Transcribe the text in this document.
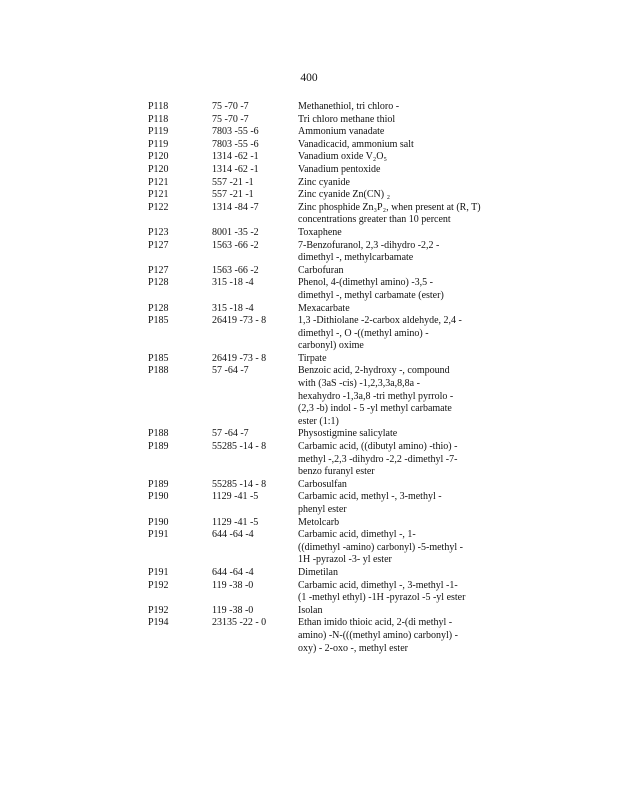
400
P118	75 -70 -7	Methanethiol, tri chloro -
P118	75 -70 -7	Tri chloro methane thiol
P119	7803 -55 -6	Ammonium vanadate
P119	7803 -55 -6	Vanadicacid, ammonium salt
P120	1314 -62 -1	Vanadium oxide V₂O₅
P120	1314 -62 -1	Vanadium pentoxide
P121	557 -21 -1	Zinc cyanide
P121	557 -21 -1	Zinc cyanide Zn(CN) ₂
P122	1314 -84 -7	Zinc phosphide Zn₃P₂, when present at (R, T)
concentrations greater than 10 percent
P123	8001 -35 -2	Toxaphene
P127	1563 -66 -2	7-Benzofuranol, 2,3 -dihydro -2,2 -
dimethyl -, methylcarbamate
P127	1563 -66 -2	Carbofuran
P128	315 -18 -4	Phenol, 4-(dimethyl amino) -3,5 -
dimethyl -, methyl carbamate (ester)
P128	315 -18 -4	Mexacarbate
P185	26419 -73 - 8	1,3 -Dithiolane -2-carbox aldehyde, 2,4 -
dimethyl -, O -((methyl amino) -
carbonyl) oxime
P185	26419 -73 - 8	Tirpate
P188	57 -64 -7	Benzoic acid, 2-hydroxy -, compound
with (3aS -cis) -1,2,3,3a,8,8a -
hexahydro -1,3a,8 -tri methyl pyrrolo -
(2,3 -b) indol - 5 -yl methyl carbamate
ester (1:1)
P188	57 -64 -7	Physostigmine salicylate
P189	55285 -14 - 8	Carbamic acid, ((dibutyl amino) -thio) -
methyl -,2,3 -dihydro -2,2 -dimethyl -7-
benzo furanyl ester
P189	55285 -14 - 8	Carbosulfan
P190	1129 -41 -5	Carbamic acid, methyl -, 3-methyl -
phenyl ester
P190	1129 -41 -5	Metolcarb
P191	644 -64 -4	Carbamic acid, dimethyl -, 1-
((dimethyl -amino) carbonyl) -5-methyl -
1H -pyrazol -3- yl ester
P191	644 -64 -4	Dimetilan
P192	119 -38 -0	Carbamic acid, dimethyl -, 3-methyl -1-
(1 -methyl ethyl) -1H -pyrazol -5 -yl ester
P192	119 -38 -0	Isolan
P194	23135 -22 - 0	Ethan imido thioic acid, 2-(di methyl -
amino) -N-(((methyl amino) carbonyl) -
oxy) - 2-oxo -, methyl ester
